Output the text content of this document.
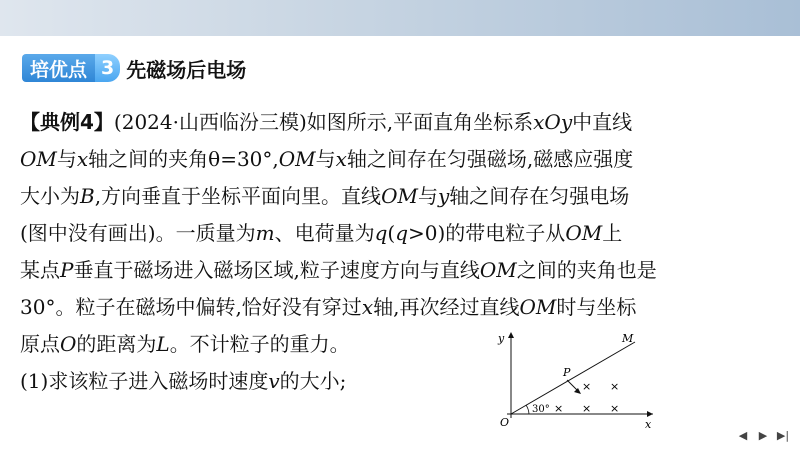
培优点 3 先磁场后电场
【典例4】(2024·山西临汾三模)如图所示,平面直角坐标系xOy中直线
OM与x轴之间的夹角θ=30°,OM与x轴之间存在匀强磁场,磁感应强度
大小为B,方向垂直于坐标平面向里。直线OM与y轴之间存在匀强电场
(图中没有画出)。一质量为m、电荷量为q(q>0)的带电粒子从OM上
某点P垂直于磁场进入磁场区域,粒子速度方向与直线OM之间的夹角也是
30°。粒子在磁场中偏转,恰好没有穿过x轴,再次经过直线OM时与坐标
原点O的距离为L。不计粒子的重力。
(1)求该粒子进入磁场时速度v的大小;
y
x
O
M
P
30° × × ×
× ×
◀ ▶ ▶|
